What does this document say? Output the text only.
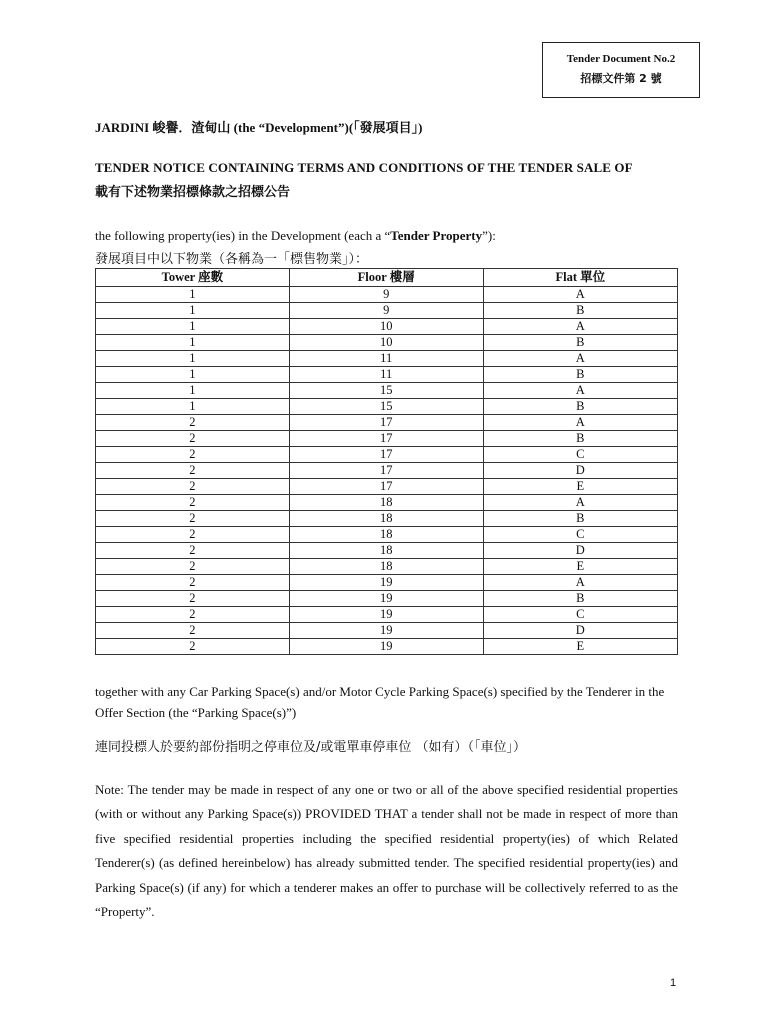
Tender Document No.2
招標文件第 2 號
JARDINI 峻譽．渣甸山 (the “Development”)(「發展項目」)
TENDER NOTICE CONTAINING TERMS AND CONDITIONS OF THE TENDER SALE OF
載有下述物業招標條款之招標公告
the following property(ies) in the Development (each a “Tender Property”):
發展項目中以下物業（各稱為一「標售物業」）：
Tower 座數	Floor 樓層	Flat 單位
1	9	A
1	9	B
1	10	A
1	10	B
1	11	A
1	11	B
1	15	A
1	15	B
2	17	A
2	17	B
2	17	C
2	17	D
2	17	E
2	18	A
2	18	B
2	18	C
2	18	D
2	18	E
2	19	A
2	19	B
2	19	C
2	19	D
2	19	E
together with any Car Parking Space(s) and/or Motor Cycle Parking Space(s) specified by the Tenderer in the Offer Section (the “Parking Space(s)”)
連同投標人於要約部份指明之停車位及/或電單車停車位 （如有）（「車位」）
Note: The tender may be made in respect of any one or two or all of the above specified residential properties (with or without any Parking Space(s)) PROVIDED THAT a tender shall not be made in respect of more than five specified residential properties including the specified residential property(ies) of which Related Tenderer(s) (as defined hereinbelow) has already submitted tender. The specified residential property(ies) and Parking Space(s) (if any) for which a tenderer makes an offer to purchase will be collectively referred to as the “Property”.
1
